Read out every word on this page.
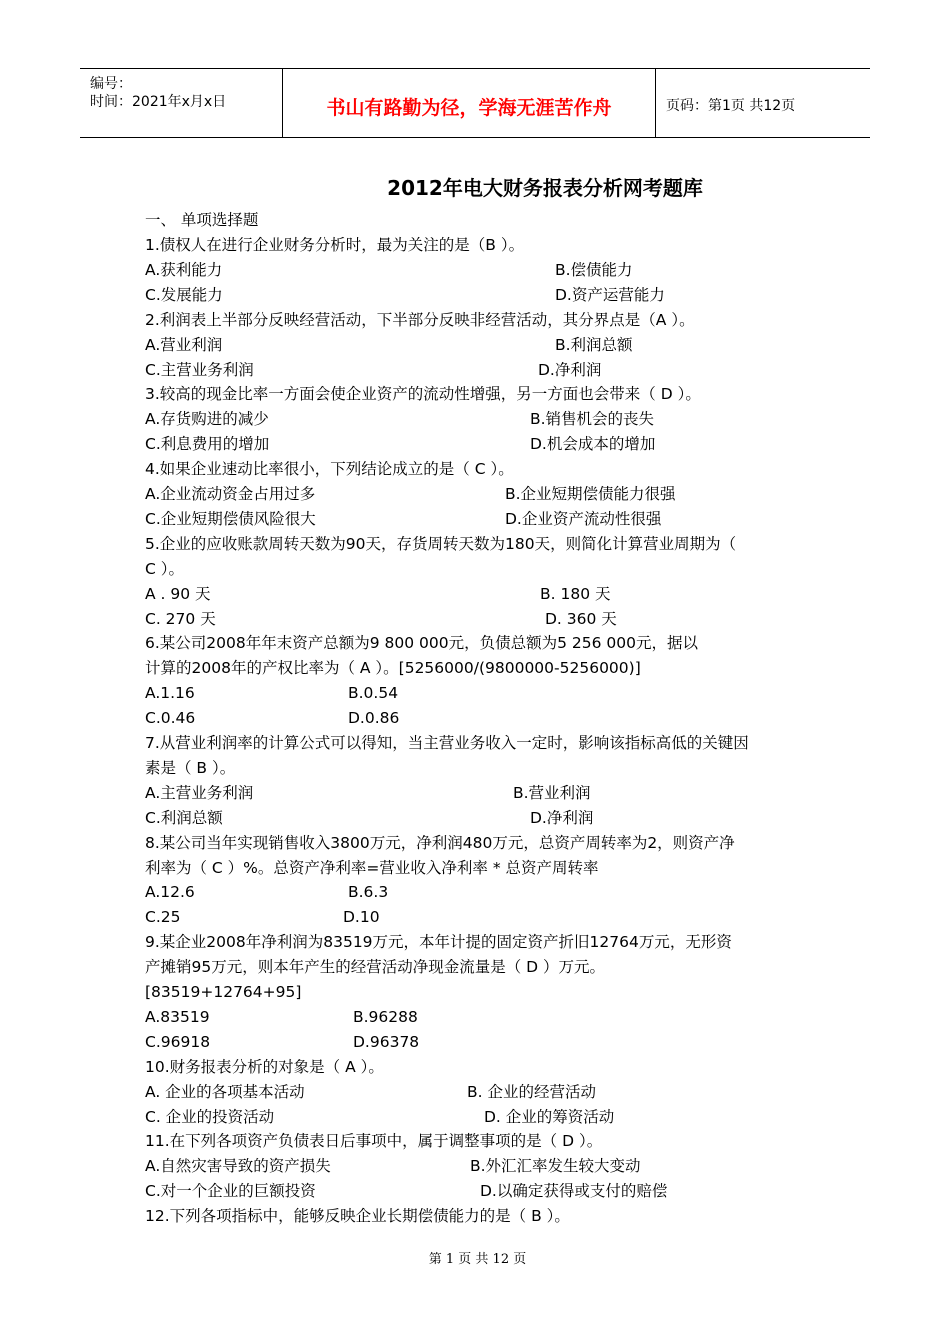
编号：
时间：2021年x月x日	书山有路勤为径，学海无涯苦作舟	页码：第1页 共12页
2012年电大财务报表分析网考题库
一、 单项选择题
1.债权人在进行企业财务分析时，最为关注的是（B ）。
A.获利能力	B.偿债能力
C.发展能力	D.资产运营能力
2.利润表上半部分反映经营活动，下半部分反映非经营活动，其分界点是（A ）。
A.营业利润	B.利润总额
C.主营业务利润	D.净利润
3.较高的现金比率一方面会使企业资产的流动性增强，另一方面也会带来（ D ）。
A.存货购进的减少	B.销售机会的丧失
C.利息费用的增加	D.机会成本的增加
4.如果企业速动比率很小，下列结论成立的是（ C ）。
A.企业流动资金占用过多	B.企业短期偿债能力很强
C.企业短期偿债风险很大	D.企业资产流动性很强
5.企业的应收账款周转天数为90天，存货周转天数为180天，则简化计算营业周期为（
C ）。
A . 90 天	B. 180 天
C. 270 天	D. 360 天
6.某公司2008年年末资产总额为9 800 000元，负债总额为5 256 000元，据以
计算的2008年的产权比率为（ A ）。[5256000/(9800000-5256000)]
A.1.16	B.0.54
C.0.46	D.0.86
7.从营业利润率的计算公式可以得知，当主营业务收入一定时，影响该指标高低的关键因
素是（ B ）。
A.主营业务利润	B.营业利润
C.利润总额	D.净利润
8.某公司当年实现销售收入3800万元，净利润480万元，总资产周转率为2，则资产净
利率为（ C ）%。总资产净利率=营业收入净利率 * 总资产周转率
A.12.6	B.6.3
C.25	D.10
9.某企业2008年净利润为83519万元，本年计提的固定资产折旧12764万元，无形资
产摊销95万元，则本年产生的经营活动净现金流量是（ D ）万元。
[83519+12764+95]
A.83519	B.96288
C.96918	D.96378
10.财务报表分析的对象是（ A ）。
A. 企业的各项基本活动	B. 企业的经营活动
C. 企业的投资活动	D. 企业的筹资活动
11.在下列各项资产负债表日后事项中，属于调整事项的是（ D ）。
A.自然灾害导致的资产损失	B.外汇汇率发生较大变动
C.对一个企业的巨额投资	D.以确定获得或支付的赔偿
12.下列各项指标中，能够反映企业长期偿债能力的是（ B ）。
第 1 页 共 12 页
